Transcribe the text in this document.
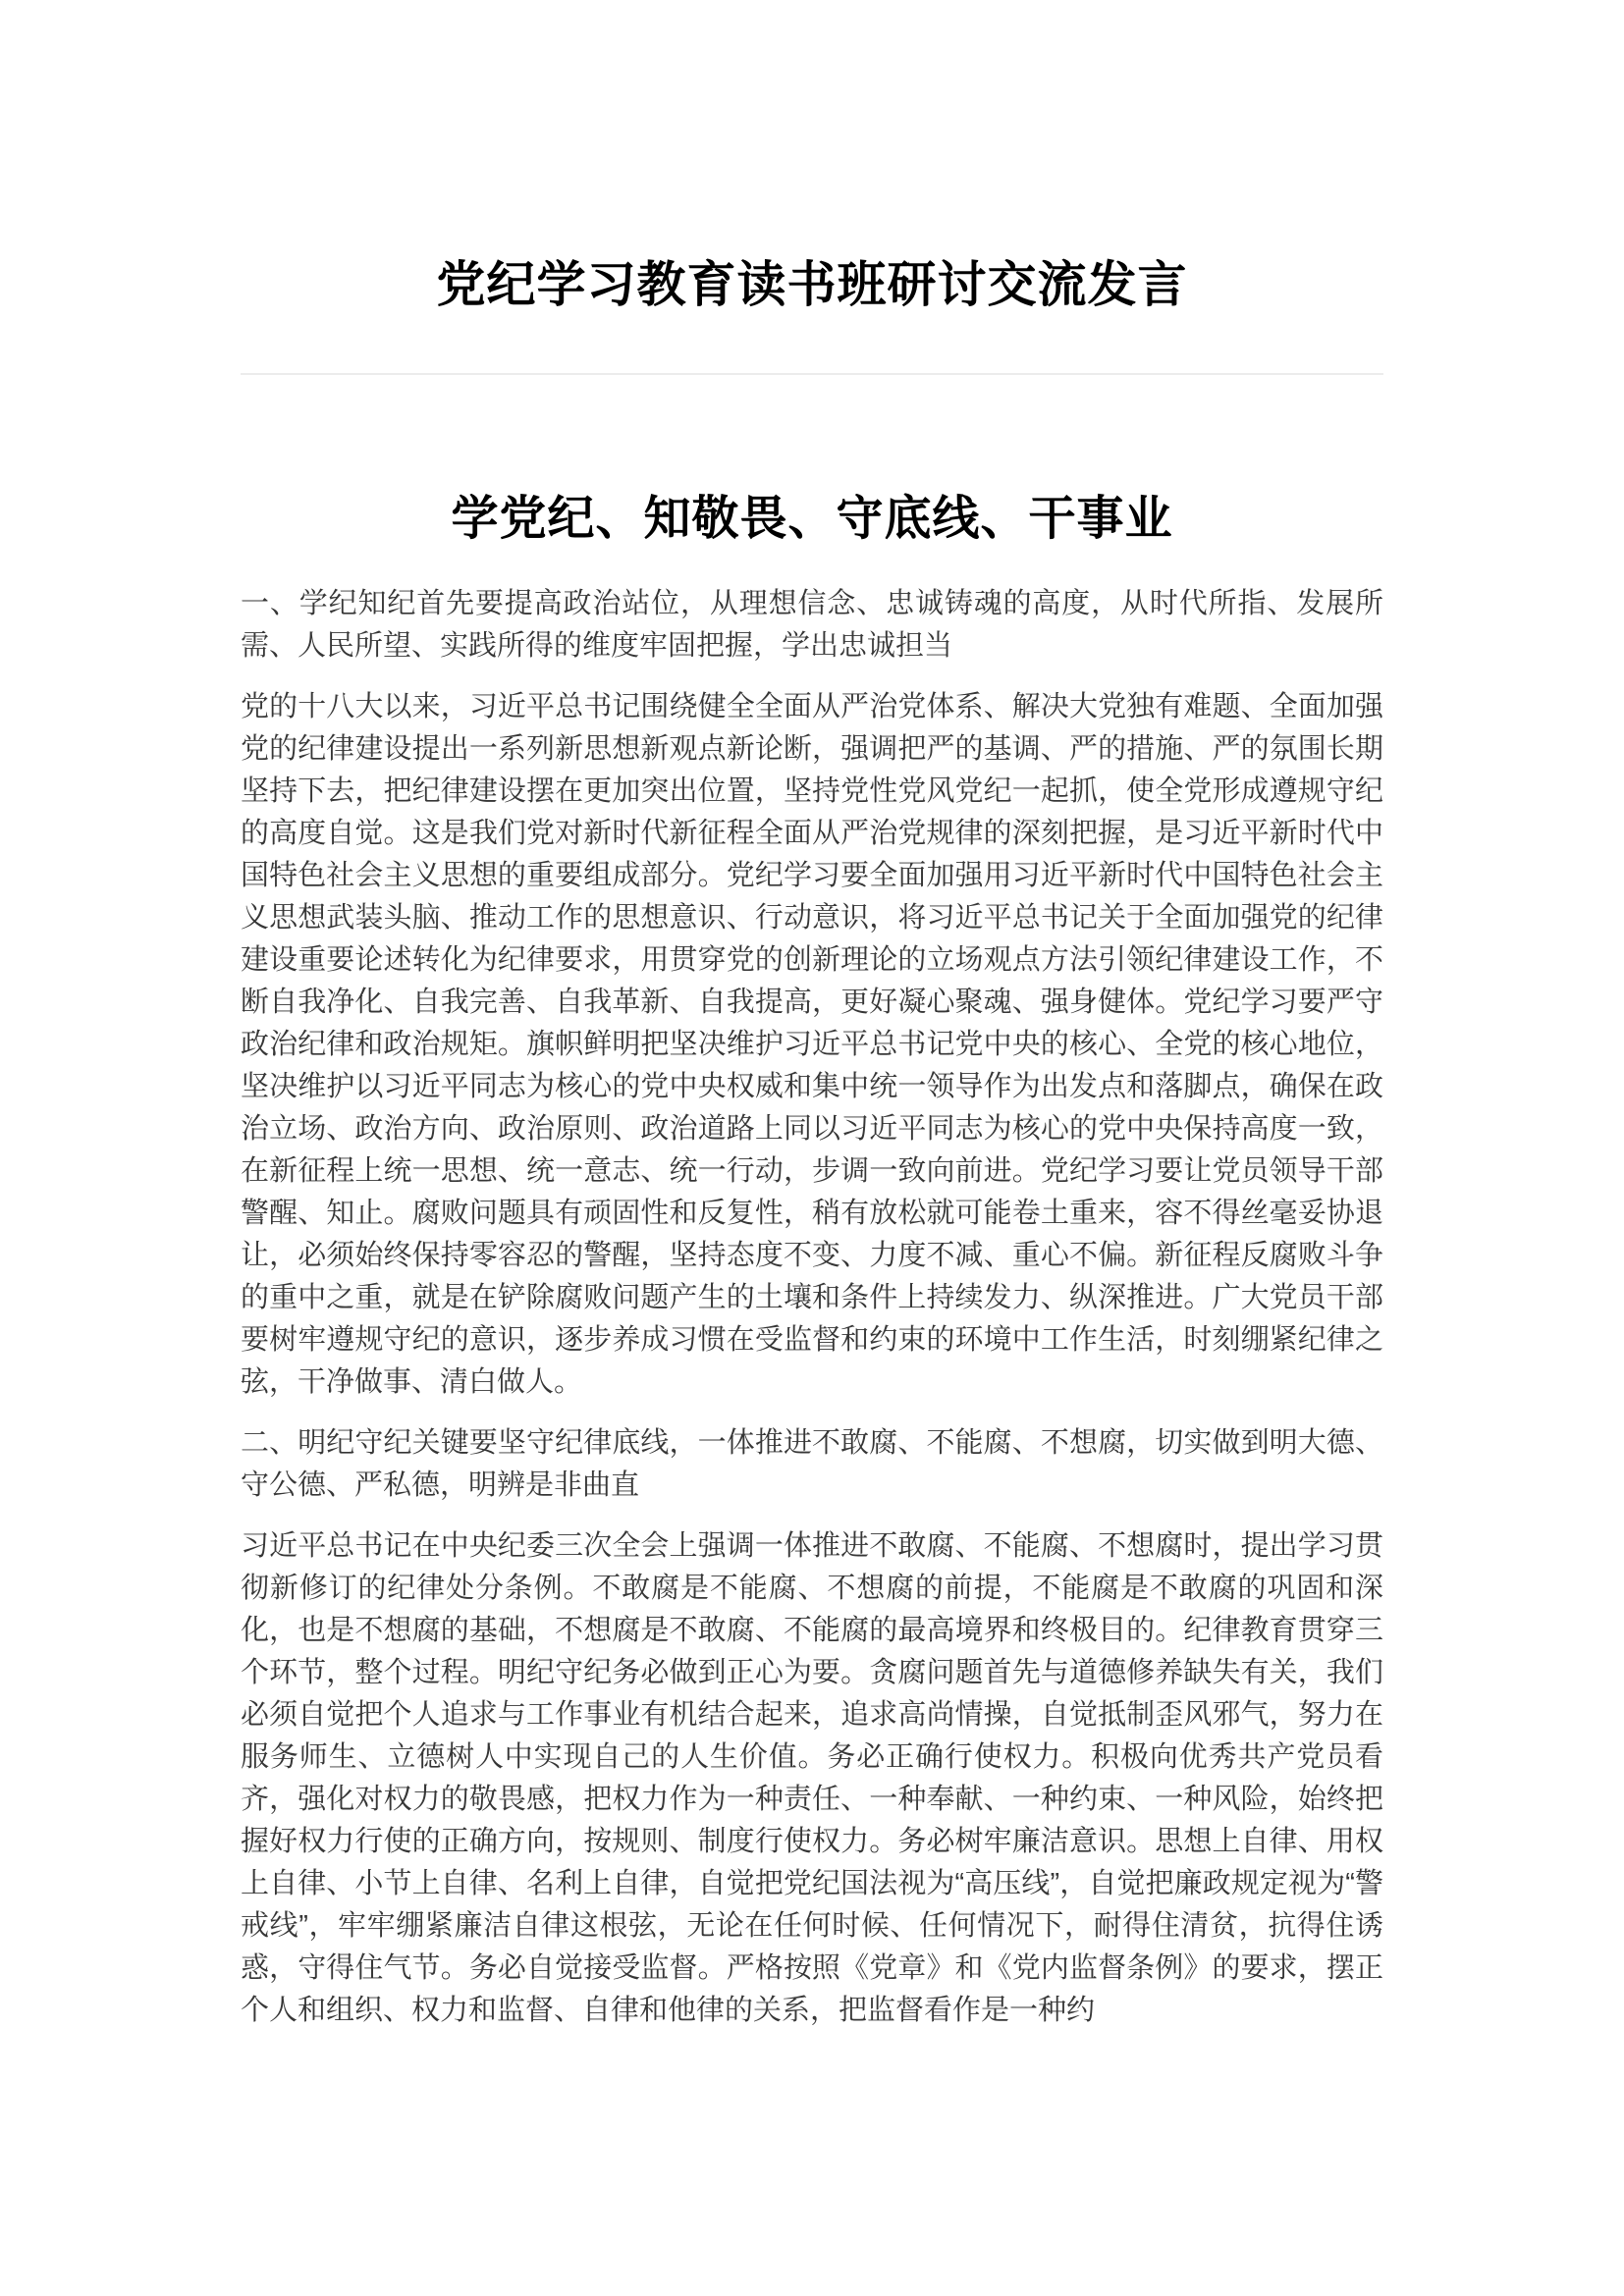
党纪学习教育读书班研讨交流发言
学党纪、知敬畏、守底线、干事业

一、学纪知纪首先要提高政治站位，从理想信念、忠诚铸魂的高度，从时代所指、发展所需、人民所望、实践所得的维度牢固把握，学出忠诚担当

党的十八大以来，习近平总书记围绕健全全面从严治党体系、解决大党独有难题、全面加强党的纪律建设提出一系列新思想新观点新论断，强调把严的基调、严的措施、严的氛围长期坚持下去，把纪律建设摆在更加突出位置，坚持党性党风党纪一起抓，使全党形成遵规守纪的高度自觉。这是我们党对新时代新征程全面从严治党规律的深刻把握，是习近平新时代中国特色社会主义思想的重要组成部分。党纪学习要全面加强用习近平新时代中国特色社会主义思想武装头脑、推动工作的思想意识、行动意识，将习近平总书记关于全面加强党的纪律建设重要论述转化为纪律要求，用贯穿党的创新理论的立场观点方法引领纪律建设工作，不断自我净化、自我完善、自我革新、自我提高，更好凝心聚魂、强身健体。党纪学习要严守政治纪律和政治规矩。旗帜鲜明把坚决维护习近平总书记党中央的核心、全党的核心地位，坚决维护以习近平同志为核心的党中央权威和集中统一领导作为出发点和落脚点，确保在政治立场、政治方向、政治原则、政治道路上同以习近平同志为核心的党中央保持高度一致，在新征程上统一思想、统一意志、统一行动，步调一致向前进。党纪学习要让党员领导干部警醒、知止。腐败问题具有顽固性和反复性，稍有放松就可能卷土重来，容不得丝毫妥协退让，必须始终保持零容忍的警醒，坚持态度不变、力度不减、重心不偏。新征程反腐败斗争的重中之重，就是在铲除腐败问题产生的土壤和条件上持续发力、纵深推进。广大党员干部要树牢遵规守纪的意识，逐步养成习惯在受监督和约束的环境中工作生活，时刻绷紧纪律之弦，干净做事、清白做人。

二、明纪守纪关键要坚守纪律底线，一体推进不敢腐、不能腐、不想腐，切实做到明大德、守公德、严私德，明辨是非曲直

习近平总书记在中央纪委三次全会上强调一体推进不敢腐、不能腐、不想腐时，提出学习贯彻新修订的纪律处分条例。不敢腐是不能腐、不想腐的前提，不能腐是不敢腐的巩固和深化，也是不想腐的基础，不想腐是不敢腐、不能腐的最高境界和终极目的。纪律教育贯穿三个环节，整个过程。明纪守纪务必做到正心为要。贪腐问题首先与道德修养缺失有关，我们必须自觉把个人追求与工作事业有机结合起来，追求高尚情操，自觉抵制歪风邪气，努力在服务师生、立德树人中实现自己的人生价值。务必正确行使权力。积极向优秀共产党员看齐，强化对权力的敬畏感，把权力作为一种责任、一种奉献、一种约束、一种风险，始终把握好权力行使的正确方向，按规则、制度行使权力。务必树牢廉洁意识。思想上自律、用权上自律、小节上自律、名利上自律，自觉把党纪国法视为“高压线”，自觉把廉政规定视为“警戒线”，牢牢绷紧廉洁自律这根弦，无论在任何时候、任何情况下，耐得住清贫，抗得住诱惑，守得住气节。务必自觉接受监督。严格按照《党章》和《党内监督条例》的要求，摆正个人和组织、权力和监督、自律和他律的关系，把监督看作是一种约
